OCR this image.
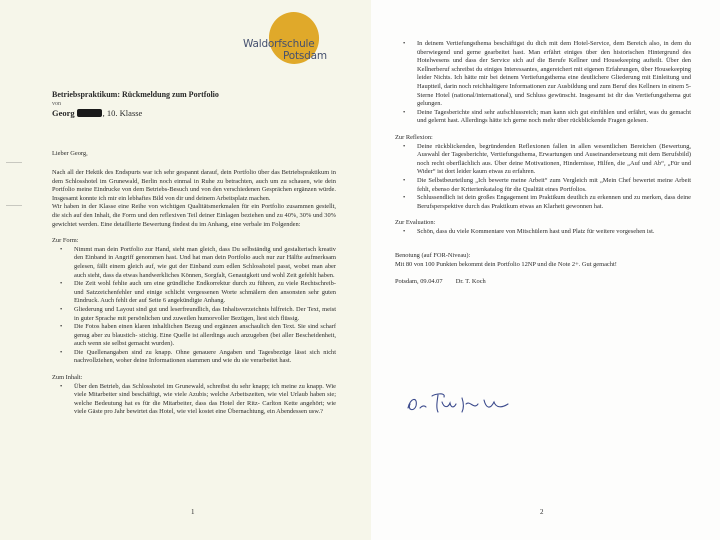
Waldorfschule
Potsdam
Betriebspraktikum: Rückmeldung zum Portfolio
von
Georg	, 10. Klasse
Lieber Georg,

Nach all der Hektik des Endspurts war ich sehr gespannt darauf, dein Portfolio über das Betriebspraktikum in dem Schlosshotel im Grunewald, Berlin noch einmal in Ruhe zu betrachten, auch um zu schauen, wie dein Portfolio meine Eindrucke von dem Betriebs-Besuch und von den verschiedenen Gesprächen ergänzen würde. Insgesamt konnte ich mir ein lebhaftes Bild von dir und deinem Arbeitsplatz machen.

Wir haben in der Klasse eine Reihe von wichtigen Qualitätsmerkmalen für ein Portfolio zusammen gestellt, die sich auf den Inhalt, die Form und den reflexiven Teil deiner Einlagen beziehen und zu 40%, 30% und 30% gewichtet werden. Eine detaillierte Bewertung findest du im Anhang, eine verbale im Folgenden:

Zur Form:

• Nimmt man dein Portfolio zur Hand, sieht man gleich, dass Du selbständig und gestalterisch kreativ den Einband in Angriff genommen hast. Und hat man dein Portfolio auch nur zur Hälfte aufmerksam gelesen, fällt einem gleich auf, wie gut der Einband zum edlen Schlosshotel passt, wobei man aber auch sieht, dass da etwas handwerkliches Können, Sorgfalt, Genauigkeit und wohl Zeit gefehlt haben.
• Die Zeit wohl fehlte auch um eine gründliche Endkorrektur durch zu führen, zu viele Rechtschreib- und Satzzeichenfehler und einige schlicht vergessenen Worte schmälern den ansonsten sehr guten Eindruck. Auch fehlt der auf Seite 6 angekündigte Anhang.
• Gliederung und Layout sind gut und leserfreundlich, das Inhaltsverzeichnis hilfreich. Der Text, meist in guter Sprache mit persönlichen und zuweilen humorvoller Bezügen, liest sich flüssig.
• Die Fotos haben einen klaren inhaltlichen Bezug und ergänzen anschaulich den Text. Sie sind scharf genug aber zu blaustich- stichig. Eine Quelle ist allerdings auch anzugeben (bei aller Bescheidenheit, auch wenn sie selbst gemacht wurden).
• Die Quellenangaben sind zu knapp. Ohne genauere Angaben und Tagesbezüge lässt sich nicht nachvollziehen, woher deine Informationen stammen und wie du sie verarbeitet hast.

Zum Inhalt:

• Über den Betrieb, das Schlosshotel im Grunewald, schreibst du sehr knapp; ich meine zu knapp. Wie viele Mitarbeiter sind beschäftigt, wie viele Azubis; welche Arbeitszeiten, wie viel Urlaub haben sie; welche Bedeutung hat es für die Mitarbeiter, dass das Hotel der Ritz- Carlton Kette angehört; wie viele Gäste pro Jahr bewirtet das Hotel, wie viel kostet eine Übernachtung, ein Abendessen usw.?
1
• In deinem Vertiefungsthema beschäftigst du dich mit dem Hotel-Service, dem Bereich also, in dem du überwiegend und gerne gearbeitet hast. Man erfährt einiges über den historischen Hintergrund des Hotelwesens und dass der Service sich auf die Berufe Kellner und Housekeeping aufteilt. Über den Kellnerberuf schreibst du einiges Interessantes, angereichert mit eigenen Erfahrungen, über Housekeeping leider Nichts. Ich hätte mir bei deinem Vertiefungsthema eine deutlichere Gliederung mit Einleitung und Hauptteil, darin noch reichhaltigere Informationen zur Ausbildung und zum Beruf des Kellners in einem 5-Sterne Hotel (national/international), und Schluss gewünscht. Insgesamt ist dir das Vertiefungsthema gut gelungen.
• Deine Tagesberichte sind sehr aufschlussreich; man kann sich gut einfühlen und erfährt, was du gemacht und gelernt hast. Allerdings hätte ich gerne noch mehr über rückblickende Fragen gelesen.

Zur Reflexion:

• Deine rückblickenden, begründenden Reflexionen fallen in allen wesentlichen Bereichen (Bewertung, Auswahl der Tagesberichte, Vertiefungsthema, Erwartungen und Auseinandersetzung mit dem Berufsbild) noch recht oberflächlich aus. Über deine Motivationen, Hindernisse, Hilfen, die „Auf und Ab“, „Für und Wider“ ist dort leider kaum etwas zu erfahren.
• Die Selbstbeurteilung „Ich bewerte meine Arbeit“ zum Vergleich mit „Mein Chef bewertet meine Arbeit fehlt, ebenso der Kriterienkatalog für die Qualität eines Portfolios.
• Schlussendlich ist dein großes Engagement im Praktikum deutlich zu erkennen und zu merken, dass deine Berufsperspektive durch das Praktikum etwas an Klarheit gewonnen hat.

Zur Evaluation:

• Schön, dass du viele Kommentare von Mitschülern hast und Platz für weitere vorgesehen ist.

Benotung (auf FOR-Niveau):

Mit 80 von 100 Punkten bekommt dein Portfolio 12NP und die Note 2+. Gut gemacht!

Potsdam, 09.04.07 Dr. T. Koch

2
